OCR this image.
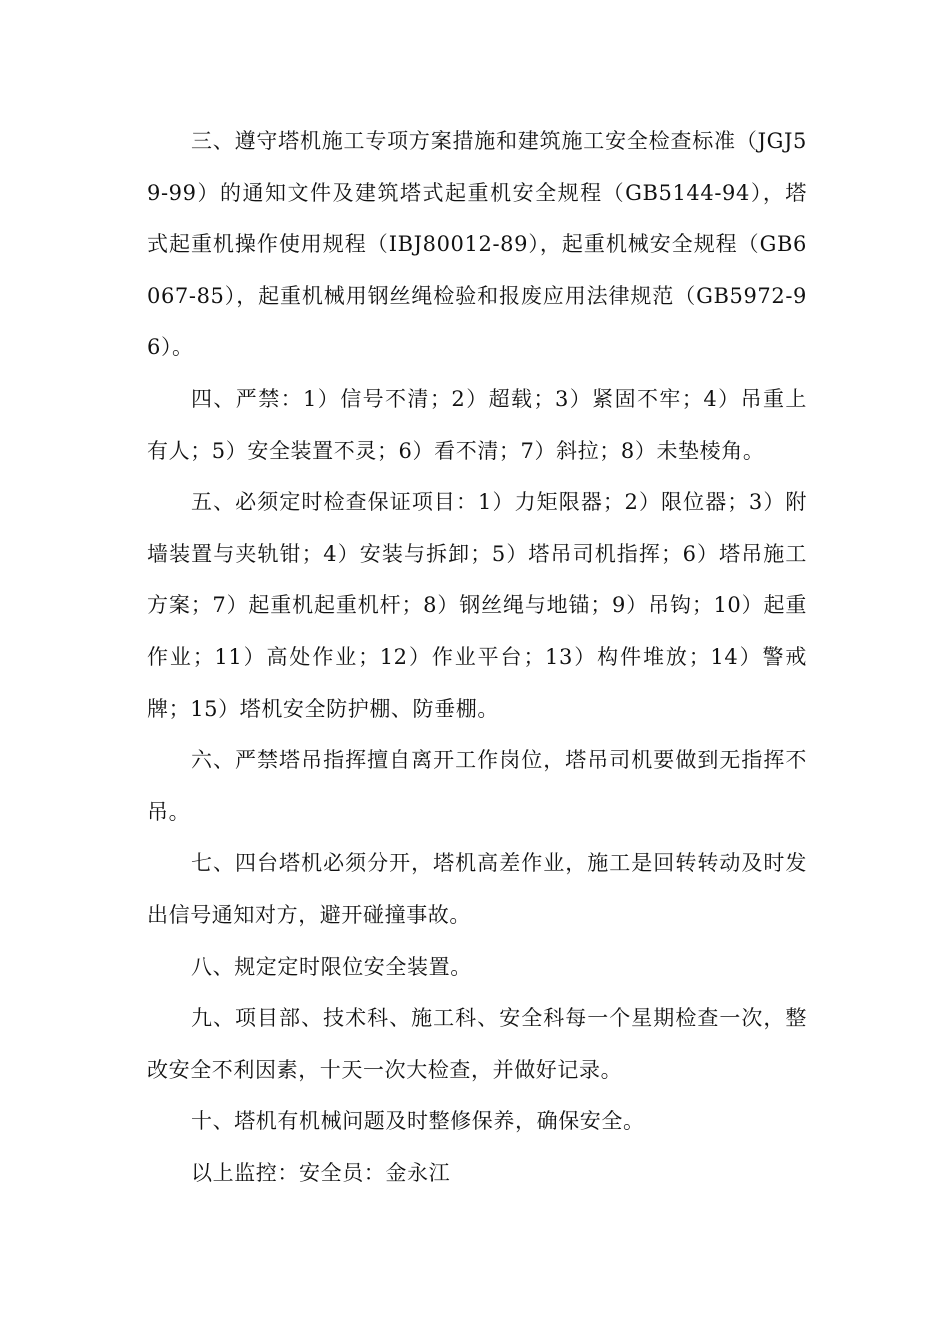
三、遵守塔机施工专项方案措施和建筑施工安全检查标准（JGJ59-99）的通知文件及建筑塔式起重机安全规程（GB5144-94），塔式起重机操作使用规程（IBJ80012-89），起重机械安全规程（GB6067-85），起重机械用钢丝绳检验和报废应用法律规范（GB5972-96）。

四、严禁：1）信号不清；2）超载；3）紧固不牢；4）吊重上有人；5）安全装置不灵；6）看不清；7）斜拉；8）未垫棱角。

五、必须定时检查保证项目：1）力矩限器；2）限位器；3）附墙装置与夹轨钳；4）安装与拆卸；5）塔吊司机指挥；6）塔吊施工方案；7）起重机起重机杆；8）钢丝绳与地锚；9）吊钩；10）起重作业；11）高处作业；12）作业平台；13）构件堆放；14）警戒牌；15）塔机安全防护棚、防垂棚。

六、严禁塔吊指挥擅自离开工作岗位，塔吊司机要做到无指挥不吊。

七、四台塔机必须分开，塔机高差作业，施工是回转转动及时发出信号通知对方，避开碰撞事故。

八、规定定时限位安全装置。

九、项目部、技术科、施工科、安全科每一个星期检查一次，整改安全不利因素，十天一次大检查，并做好记录。

十、塔机有机械问题及时整修保养，确保安全。

以上监控：安全员：金永江
